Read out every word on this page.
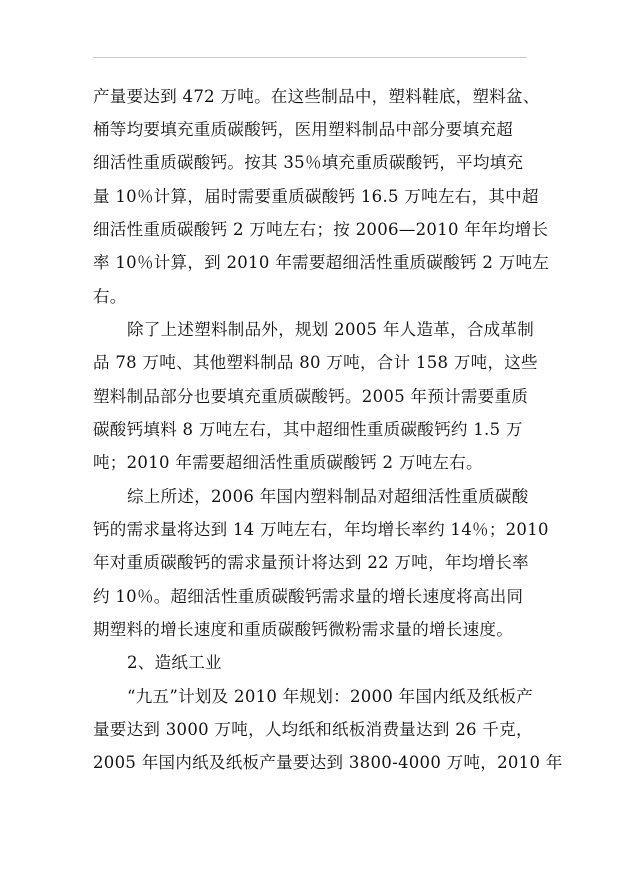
产量要达到 472 万吨。在这些制品中，塑料鞋底，塑料盆、
桶等均要填充重质碳酸钙，医用塑料制品中部分要填充超
细活性重质碳酸钙。按其 35％填充重质碳酸钙，平均填充
量 10％计算，届时需要重质碳酸钙 16.5 万吨左右，其中超
细活性重质碳酸钙 2 万吨左右；按 2006—2010 年年均增长
率 10％计算，到 2010 年需要超细活性重质碳酸钙 2 万吨左
右。
除了上述塑料制品外，规划 2005 年人造革，合成革制
品 78 万吨、其他塑料制品 80 万吨，合计 158 万吨，这些
塑料制品部分也要填充重质碳酸钙。2005 年预计需要重质
碳酸钙填料 8 万吨左右，其中超细性重质碳酸钙约 1.5 万
吨；2010 年需要超细活性重质碳酸钙 2 万吨左右。
综上所述，2006 年国内塑料制品对超细活性重质碳酸
钙的需求量将达到 14 万吨左右，年均增长率约 14％；2010
年对重质碳酸钙的需求量预计将达到 22 万吨，年均增长率
约 10％。超细活性重质碳酸钙需求量的增长速度将高出同
期塑料的增长速度和重质碳酸钙微粉需求量的增长速度。
2、造纸工业
“九五”计划及 2010 年规划：2000 年国内纸及纸板产
量要达到 3000 万吨，人均纸和纸板消费量达到 26 千克，
2005 年国内纸及纸板产量要达到 3800-4000 万吨，2010 年
